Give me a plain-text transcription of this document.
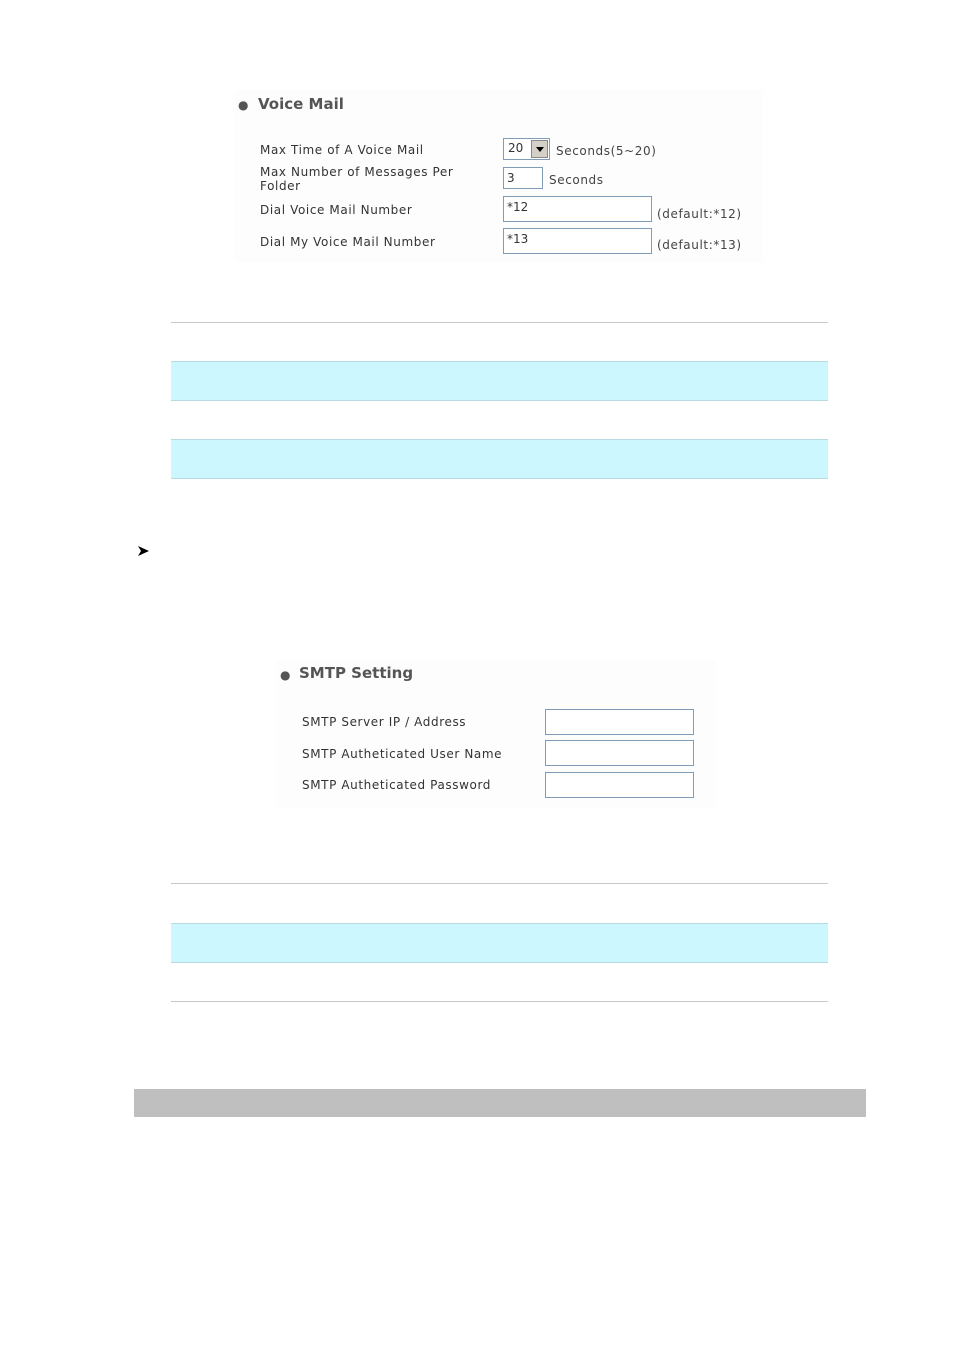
● Voice Mail
Max Time of A Voice Mail	20	Seconds(5~20)
Max Number of Messages Per
Folder
3	Seconds
Dial Voice Mail Number
*12	(default:*12)
Dial My Voice Mail Number
*13	(default:*13)
● SMTP Setting
SMTP Server IP / Address
SMTP Autheticated User Name
SMTP Autheticated Password
